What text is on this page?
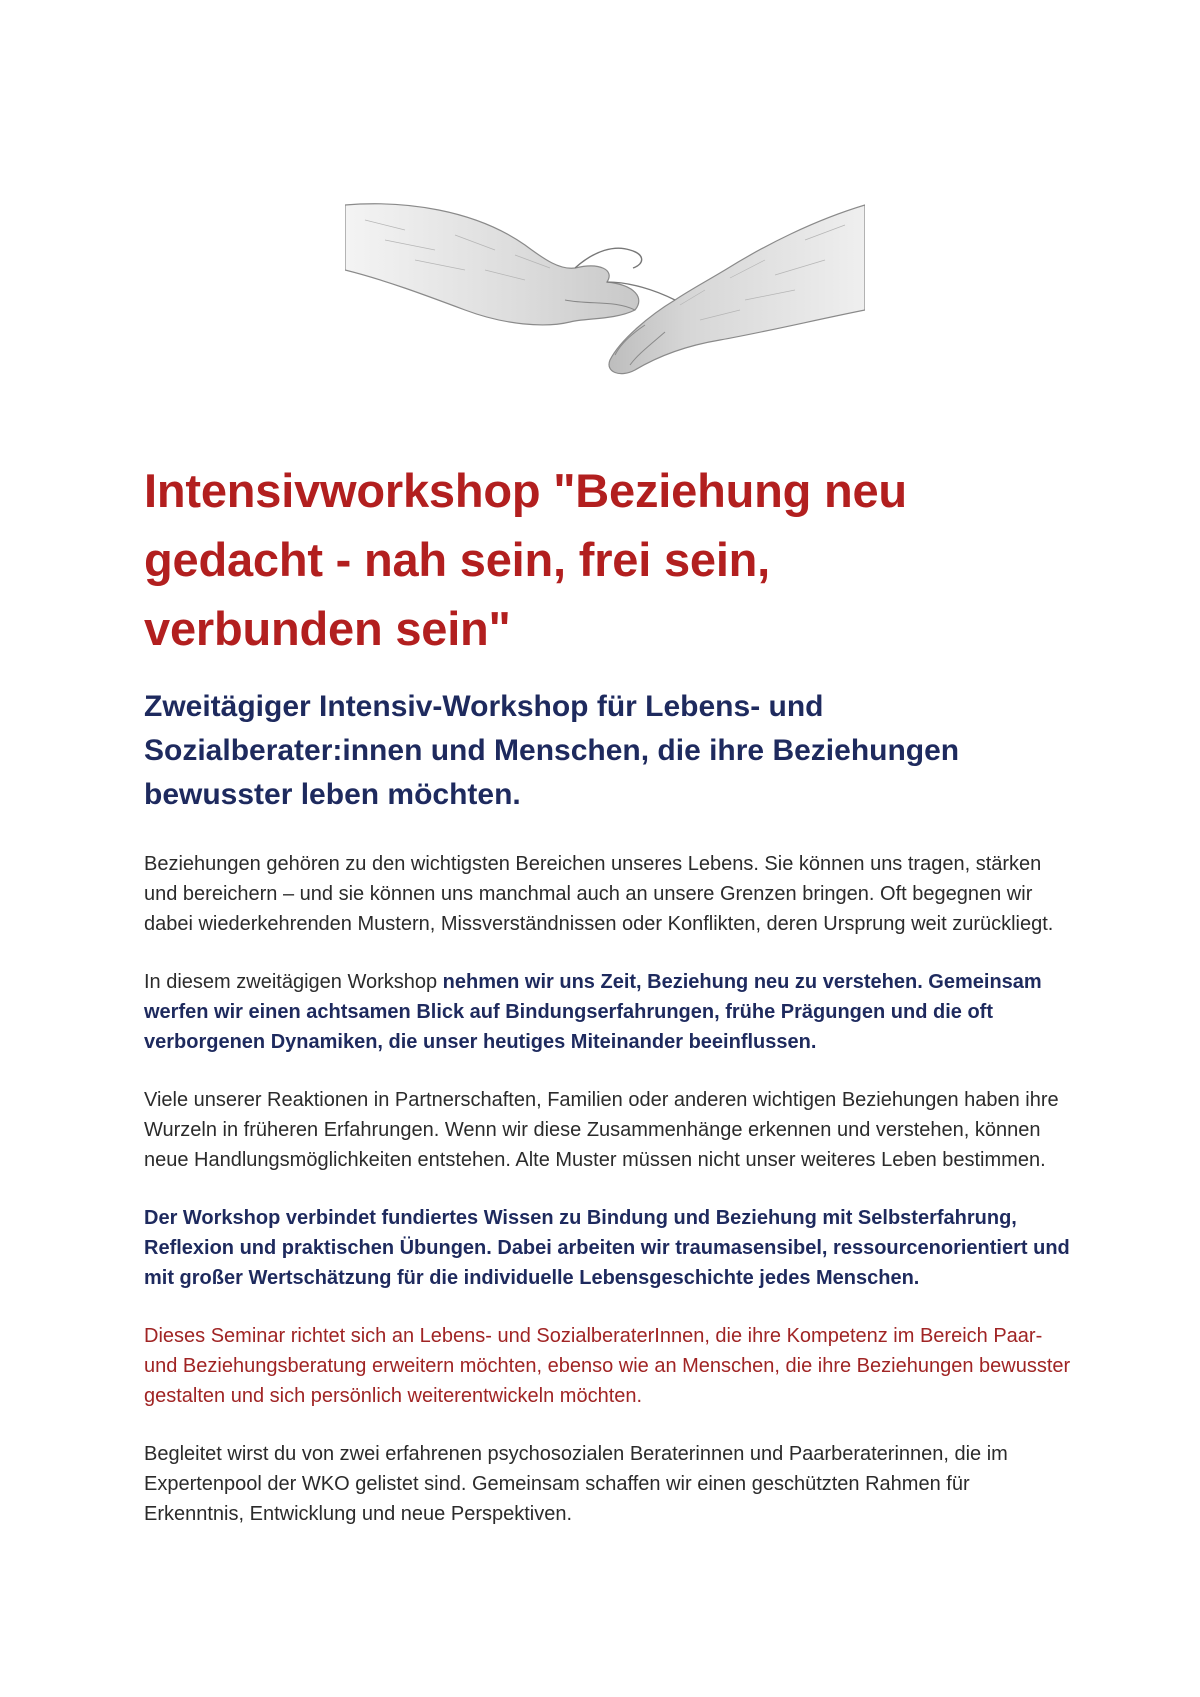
Intensivworkshop "Beziehung neu gedacht - nah sein, frei sein, verbunden sein"
Zweitägiger Intensiv-Workshop für Lebens- und Sozialberater:innen und Menschen, die ihre Beziehungen bewusster leben möchten.

Beziehungen gehören zu den wichtigsten Bereichen unseres Lebens. Sie können uns tragen, stärken und bereichern – und sie können uns manchmal auch an unsere Grenzen bringen. Oft begegnen wir dabei wiederkehrenden Mustern, Missverständnissen oder Konflikten, deren Ursprung weit zurückliegt.

In diesem zweitägigen Workshop nehmen wir uns Zeit, Beziehung neu zu verstehen. Gemeinsam werfen wir einen achtsamen Blick auf Bindungserfahrungen, frühe Prägungen und die oft verborgenen Dynamiken, die unser heutiges Miteinander beeinflussen.

Viele unserer Reaktionen in Partnerschaften, Familien oder anderen wichtigen Beziehungen haben ihre Wurzeln in früheren Erfahrungen. Wenn wir diese Zusammenhänge erkennen und verstehen, können neue Handlungsmöglichkeiten entstehen. Alte Muster müssen nicht unser weiteres Leben bestimmen.

Der Workshop verbindet fundiertes Wissen zu Bindung und Beziehung mit Selbsterfahrung, Reflexion und praktischen Übungen. Dabei arbeiten wir traumasensibel, ressourcenorientiert und mit großer Wertschätzung für die individuelle Lebensgeschichte jedes Menschen.

Dieses Seminar richtet sich an Lebens- und SozialberaterInnen, die ihre Kompetenz im Bereich Paar- und Beziehungsberatung erweitern möchten, ebenso wie an Menschen, die ihre Beziehungen bewusster gestalten und sich persönlich weiterentwickeln möchten.

Begleitet wirst du von zwei erfahrenen psychosozialen Beraterinnen und Paarberaterinnen, die im Expertenpool der WKO gelistet sind. Gemeinsam schaffen wir einen geschützten Rahmen für Erkenntnis, Entwicklung und neue Perspektiven.
